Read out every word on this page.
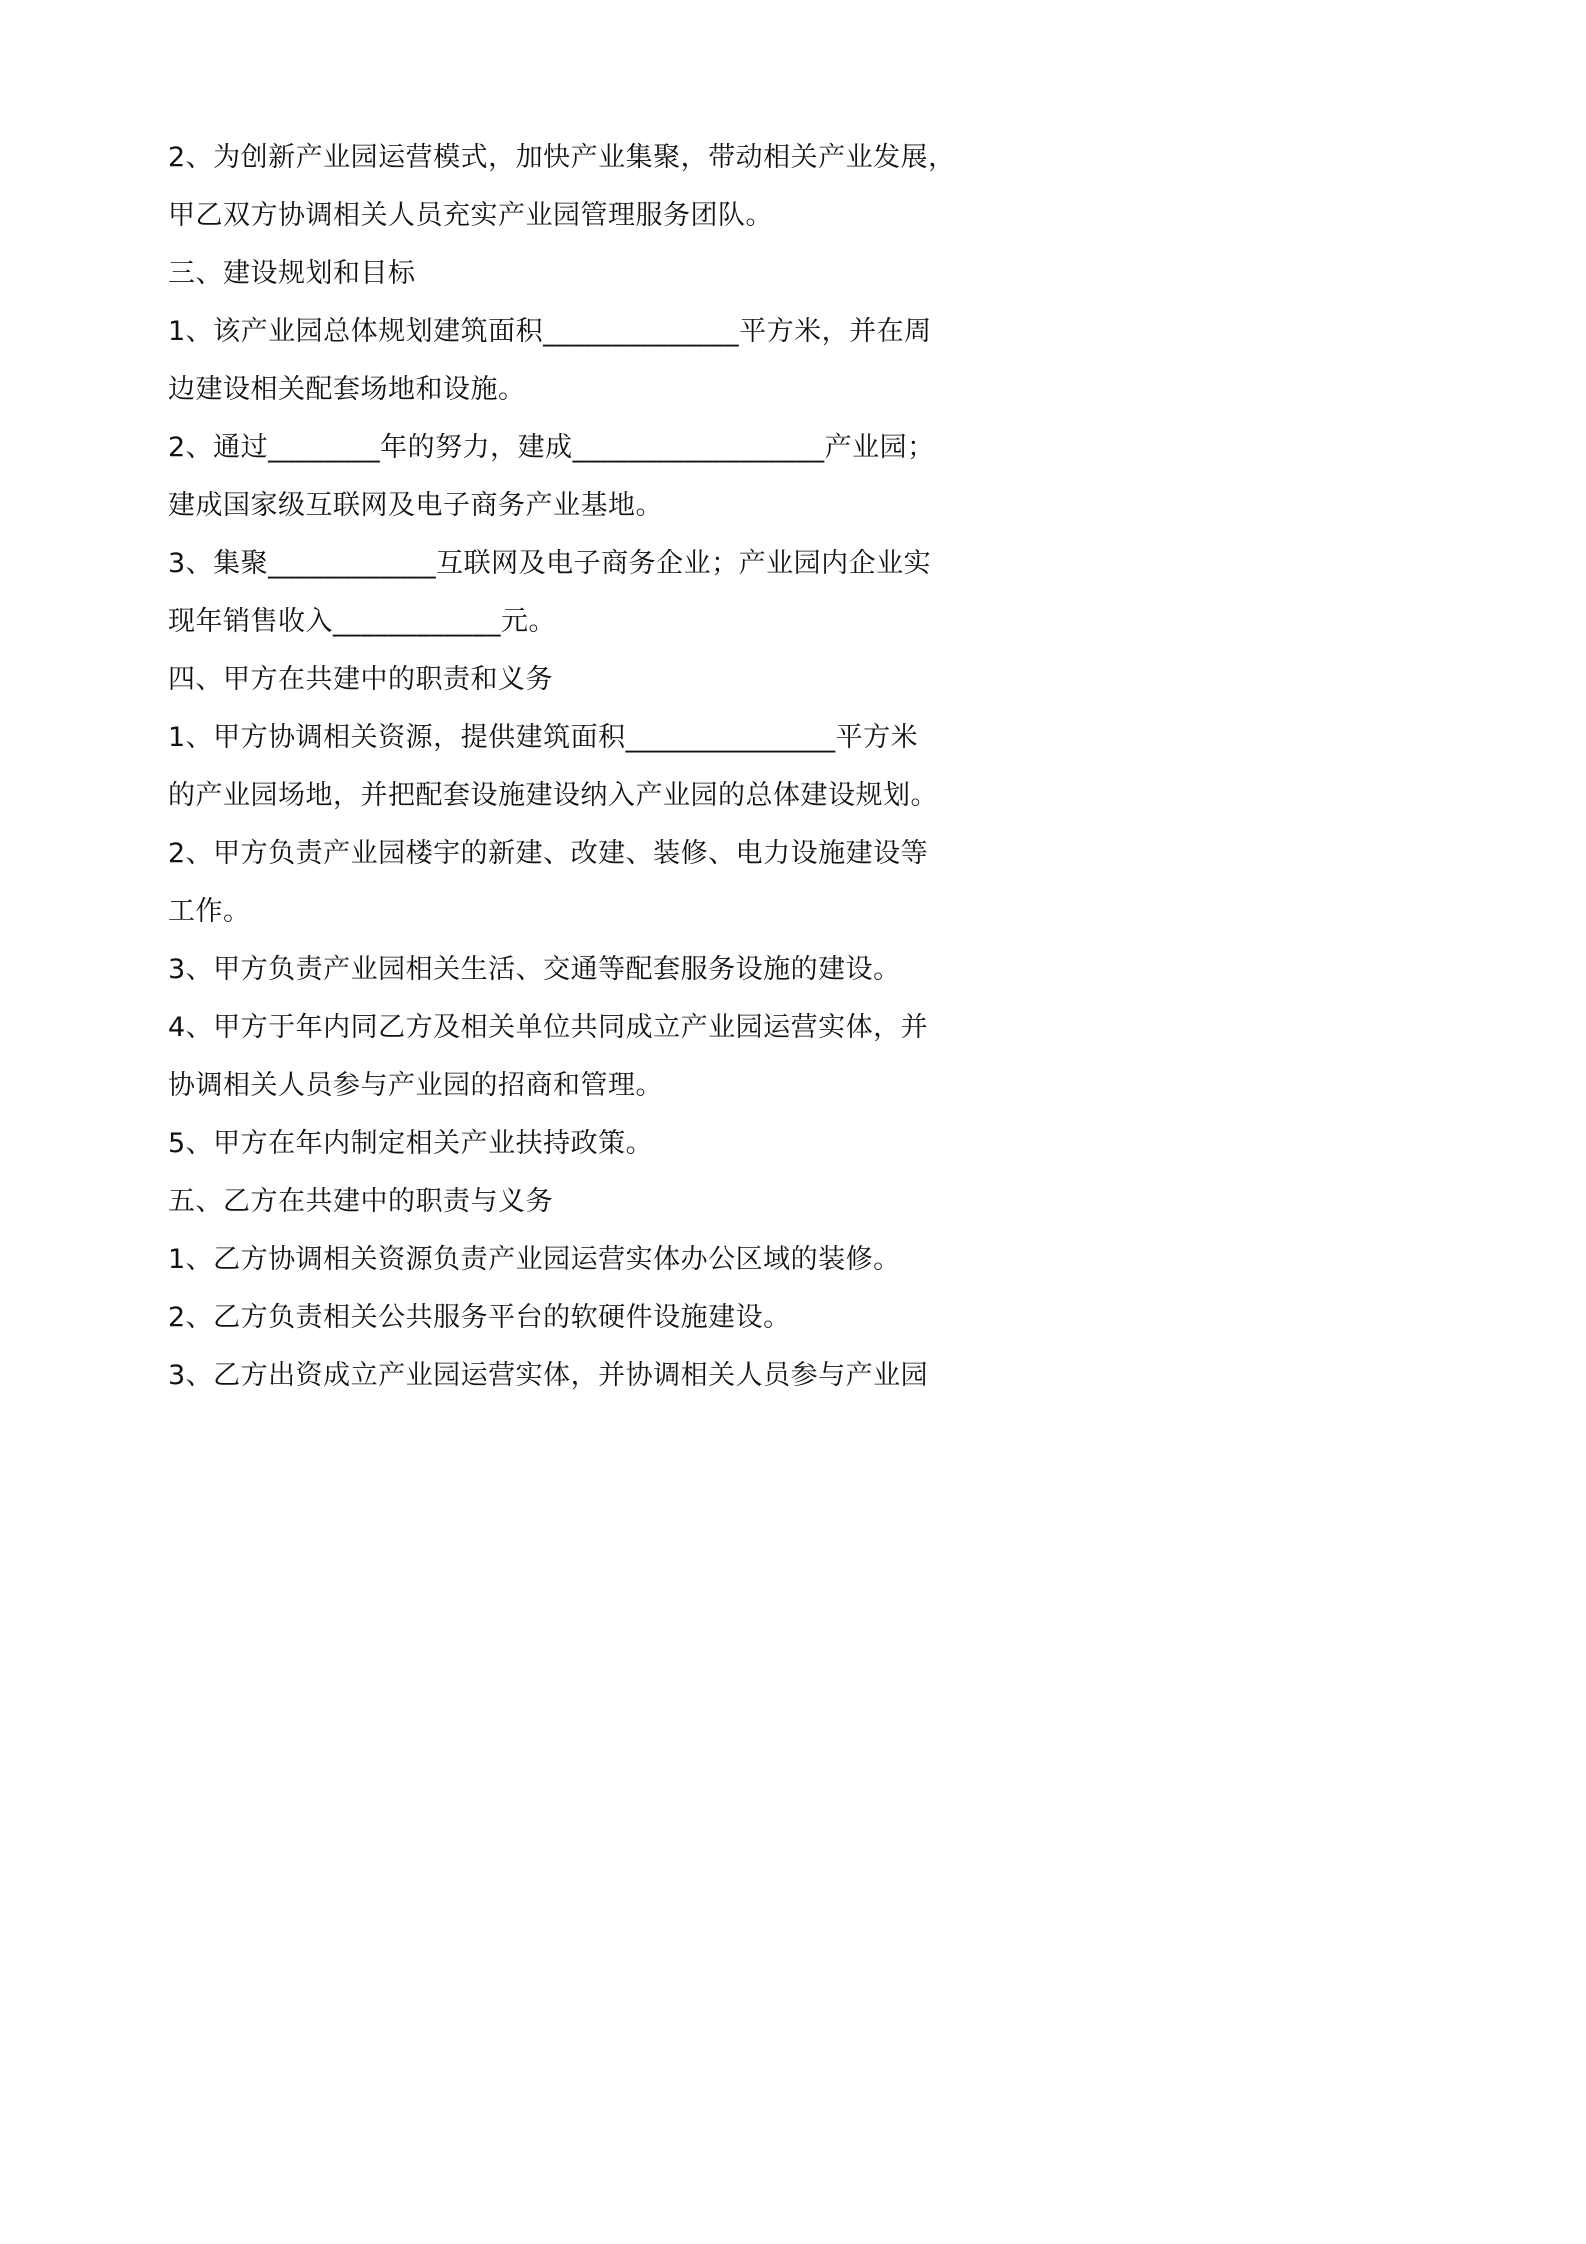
2、为创新产业园运营模式，加快产业集聚，带动相关产业发展，
甲乙双方协调相关人员充实产业园管理服务团队。
三、建设规划和目标
1、该产业园总体规划建筑面积______________平方米，并在周
边建设相关配套场地和设施。
2、通过________年的努力，建成__________________产业园；
建成国家级互联网及电子商务产业基地。
3、集聚____________互联网及电子商务企业；产业园内企业实
现年销售收入____________元。
四、甲方在共建中的职责和义务
1、甲方协调相关资源，提供建筑面积_______________平方米
的产业园场地，并把配套设施建设纳入产业园的总体建设规划。
2、甲方负责产业园楼宇的新建、改建、装修、电力设施建设等
工作。
3、甲方负责产业园相关生活、交通等配套服务设施的建设。
4、甲方于年内同乙方及相关单位共同成立产业园运营实体，并
协调相关人员参与产业园的招商和管理。
5、甲方在年内制定相关产业扶持政策。
五、乙方在共建中的职责与义务
1、乙方协调相关资源负责产业园运营实体办公区域的装修。
2、乙方负责相关公共服务平台的软硬件设施建设。
3、乙方出资成立产业园运营实体，并协调相关人员参与产业园
